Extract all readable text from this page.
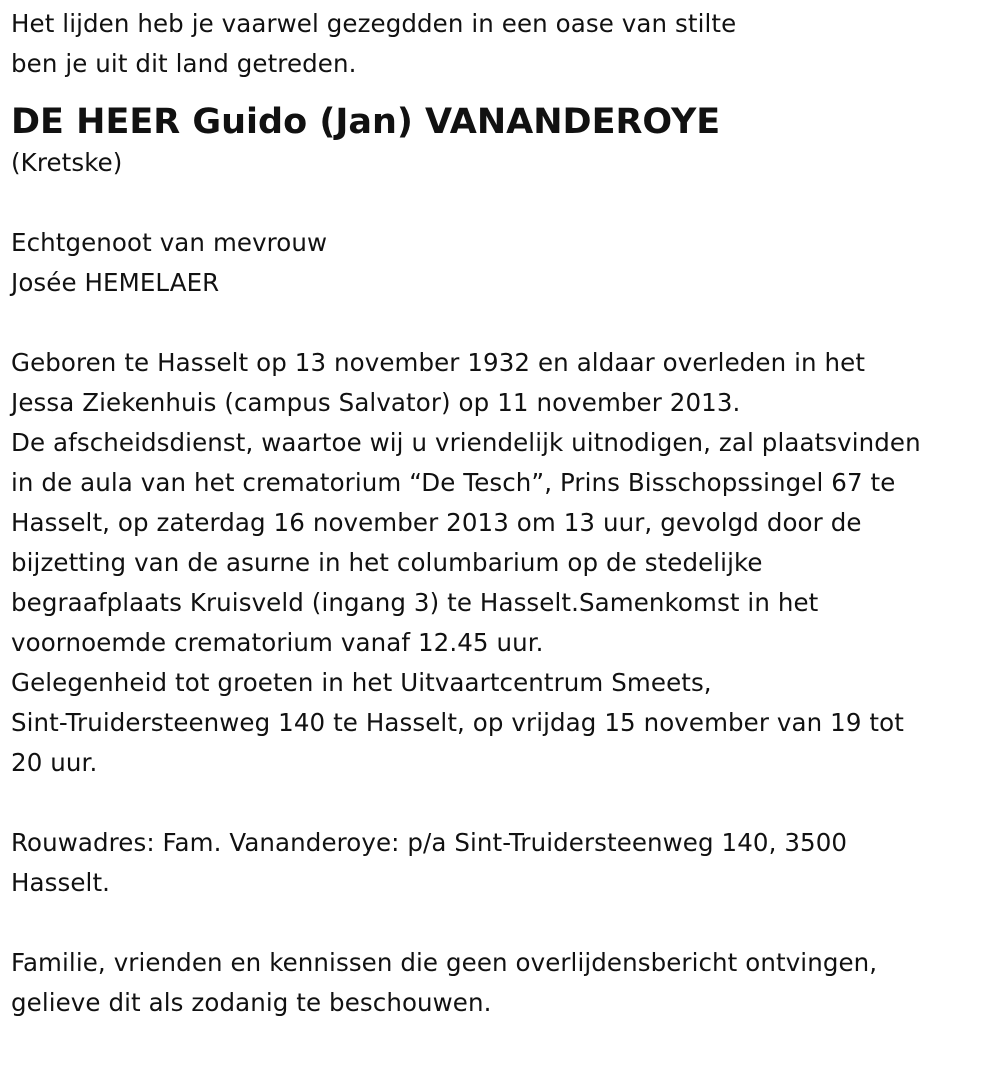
Het lijden heb je vaarwel gezegdden in een oase van stilte
ben je uit dit land getreden.
DE HEER Guido (Jan) VANANDEROYE
(Kretske)
Echtgenoot van mevrouw
Josée HEMELAER
Geboren te Hasselt op 13 november 1932 en aldaar overleden in het
Jessa Ziekenhuis (campus Salvator) op 11 november 2013.
De afscheidsdienst, waartoe wij u vriendelijk uitnodigen, zal plaatsvinden
in de aula van het crematorium “De Tesch”, Prins Bisschopssingel 67 te
Hasselt, op zaterdag 16 november 2013 om 13 uur, gevolgd door de
bijzetting van de asurne in het columbarium op de stedelijke
begraafplaats Kruisveld (ingang 3) te Hasselt.Samenkomst in het
voornoemde crematorium vanaf 12.45 uur.
Gelegenheid tot groeten in het Uitvaartcentrum Smeets,
Sint-Truidersteenweg 140 te Hasselt, op vrijdag 15 november van 19 tot
20 uur.
Rouwadres: Fam. Vananderoye: p/a Sint-Truidersteenweg 140, 3500
Hasselt.
Familie, vrienden en kennissen die geen overlijdensbericht ontvingen,
gelieve dit als zodanig te beschouwen.
